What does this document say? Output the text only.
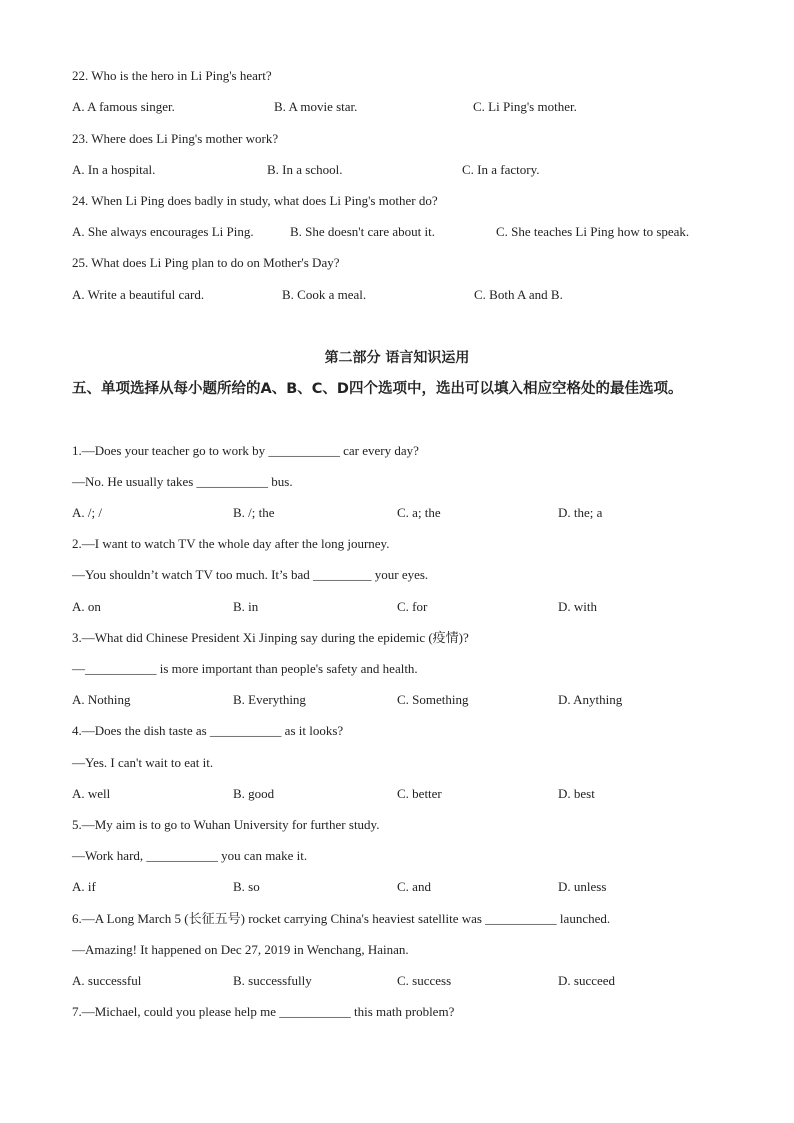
22. Who is the hero in Li Ping's heart?
A. A famous singer.	B. A movie star.	C. Li Ping's mother.
23. Where does Li Ping's mother work?
A. In a hospital.	B. In a school.	C. In a factory.
24. When Li Ping does badly in study, what does Li Ping's mother do?
A. She always encourages Li Ping.	B. She doesn't care about it.	C. She teaches Li Ping how to speak.
25. What does Li Ping plan to do on Mother's Day?
A. Write a beautiful card.	B. Cook a meal.	C. Both A and B.
第二部分 语言知识运用
五、单项选择从每小题所给的A、B、C、D四个选项中，选出可以填入相应空格处的最佳选项。
1.—Does your teacher go to work by ___________ car every day?
—No. He usually takes ___________ bus.
A. /; /	B. /; the	C. a; the	D. the; a
2.—I want to watch TV the whole day after the long journey.
—You shouldn’t watch TV too much. It’s bad _________ your eyes.
A. on	B. in	C. for	D. with
3.—What did Chinese President Xi Jinping say during the epidemic (疫情)?
—___________ is more important than people's safety and health.
A. Nothing	B. Everything	C. Something	D. Anything
4.—Does the dish taste as ___________ as it looks?
—Yes. I can't wait to eat it.
A. well	B. good	C. better	D. best
5.—My aim is to go to Wuhan University for further study.
—Work hard, ___________ you can make it.
A. if	B. so	C. and	D. unless
6.—A Long March 5 (长征五号) rocket carrying China's heaviest satellite was ___________ launched.
—Amazing! It happened on Dec 27, 2019 in Wenchang, Hainan.
A. successful	B. successfully	C. success	D. succeed
7.—Michael, could you please help me ___________ this math problem?
